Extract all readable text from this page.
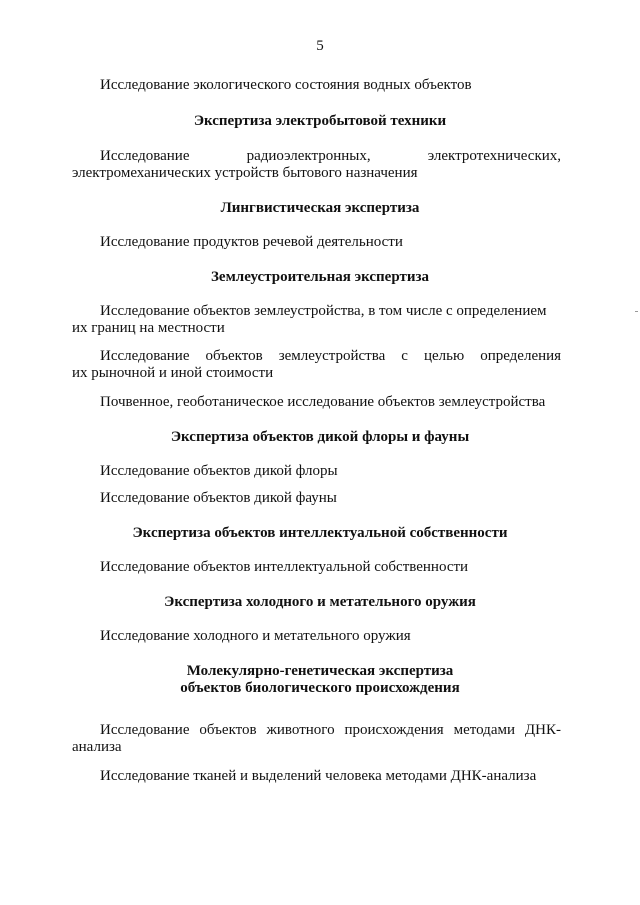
5
Исследование экологического состояния водных объектов
Экспертиза электробытовой техники
Исследование	радиоэлектронных,	электротехнических,
электромеханических устройств бытового назначения
Лингвистическая экспертиза
Исследование продуктов речевой деятельности
Землеустроительная экспертиза
Исследование объектов землеустройства, в том числе с определением
их границ на местности
Исследование объектов землеустройства с целью определения
их рыночной и иной стоимости
Почвенное, геоботаническое исследование объектов землеустройства
Экспертиза объектов дикой флоры и фауны
Исследование объектов дикой флоры
Исследование объектов дикой фауны
Экспертиза объектов интеллектуальной собственности
Исследование объектов интеллектуальной собственности
Экспертиза холодного и метательного оружия
Исследование холодного и метательного оружия
Молекулярно-генетическая экспертиза
объектов биологического происхождения
Исследование объектов животного происхождения методами ДНК-
анализа
Исследование тканей и выделений человека методами ДНК-анализа
